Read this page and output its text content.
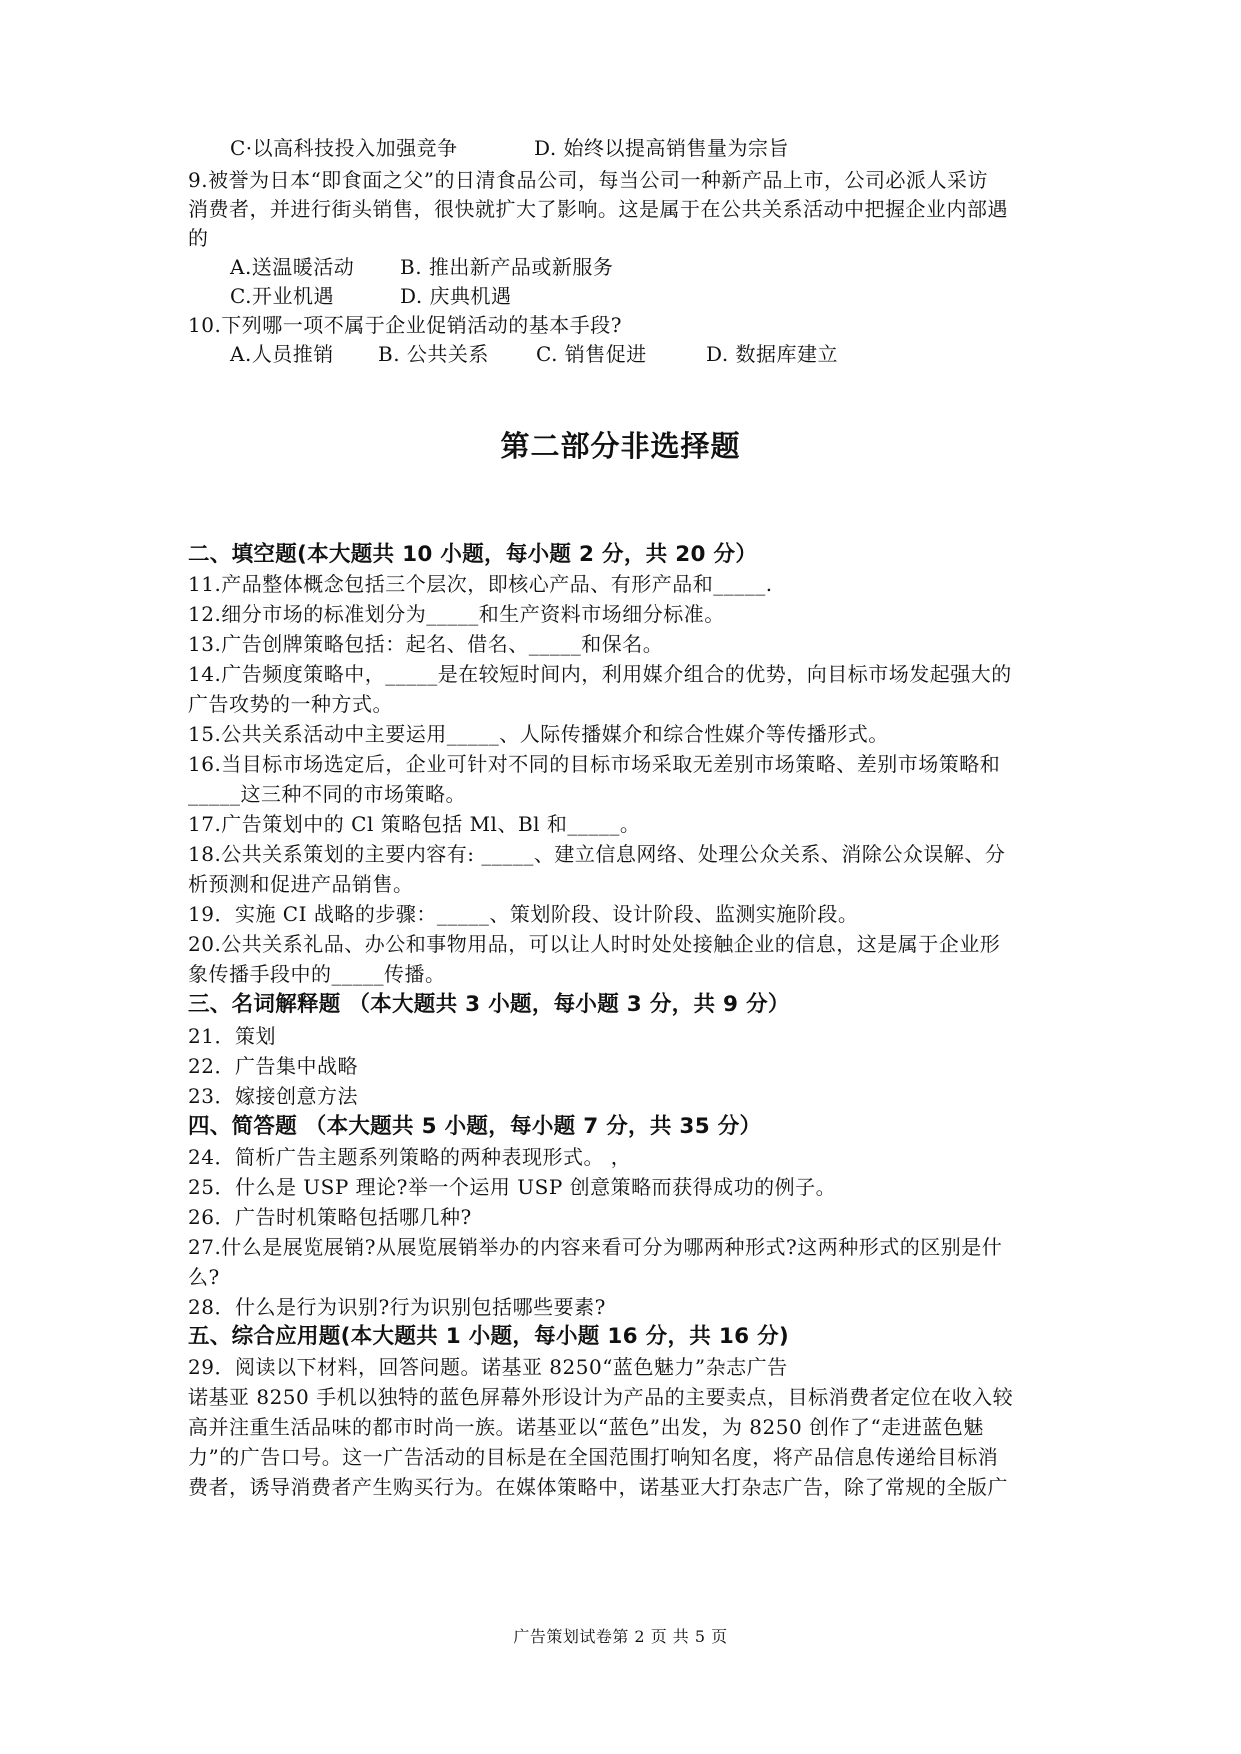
C·以高科技投入加强竞争	D. 始终以提高销售量为宗旨
9.被誉为日本“即食面之父”的日清食品公司，每当公司一种新产品上市，公司必派人采访
消费者，并进行街头销售，很快就扩大了影响。这是属于在公共关系活动中把握企业内部遇
的
A.送温暖活动 B. 推出新产品或新服务
C.开业机遇	D. 庆典机遇
10.下列哪一项不属于企业促销活动的基本手段?
A.人员推销 B. 公共关系 C. 销售促进	D. 数据库建立
第二部分非选择题
二、填空题(本大题共 10 小题，每小题 2 分，共 20 分）
11.产品整体概念包括三个层次，即核心产品、有形产品和_____.
12.细分市场的标准划分为_____和生产资料市场细分标准。
13.广告创牌策略包括：起名、借名、_____和保名。
14.广告频度策略中，_____是在较短时间内，利用媒介组合的优势，向目标市场发起强大的
广告攻势的一种方式。
15.公共关系活动中主要运用_____、人际传播媒介和综合性媒介等传播形式。
16.当目标市场选定后，企业可针对不同的目标市场采取无差别市场策略、差别市场策略和
_____这三种不同的市场策略。
17.广告策划中的 Cl 策略包括 Ml、Bl 和_____。
18.公共关系策划的主要内容有: _____、建立信息网络、处理公众关系、消除公众误解、分
析预测和促进产品销售。
19．实施 CI 战略的步骤：_____、策划阶段、设计阶段、监测实施阶段。
20.公共关系礼品、办公和事物用品，可以让人时时处处接触企业的信息，这是属于企业形
象传播手段中的_____传播。
三、名词解释题 （本大题共 3 小题，每小题 3 分，共 9 分）
21．策划
22．广告集中战略
23．嫁接创意方法
四、简答题 （本大题共 5 小题，每小题 7 分，共 35 分）
24．简析广告主题系列策略的两种表现形式。 ，
25．什么是 USP 理论?举一个运用 USP 创意策略而获得成功的例子。
26．广告时机策略包括哪几种?
27.什么是展览展销?从展览展销举办的内容来看可分为哪两种形式?这两种形式的区别是什
么?
28．什么是行为识别?行为识别包括哪些要素?
五、综合应用题(本大题共 1 小题，每小题 16 分，共 16 分)
29．阅读以下材料，回答问题。诺基亚 8250“蓝色魅力”杂志广告
诺基亚 8250 手机以独特的蓝色屏幕外形设计为产品的主要卖点，目标消费者定位在收入较
高并注重生活品味的都市时尚一族。诺基亚以“蓝色”出发，为 8250 创作了“走进蓝色魅
力”的广告口号。这一广告活动的目标是在全国范围打响知名度，将产品信息传递给目标消
费者，诱导消费者产生购买行为。在媒体策略中，诺基亚大打杂志广告，除了常规的全版广
广告策划试卷第 2 页 共 5 页
